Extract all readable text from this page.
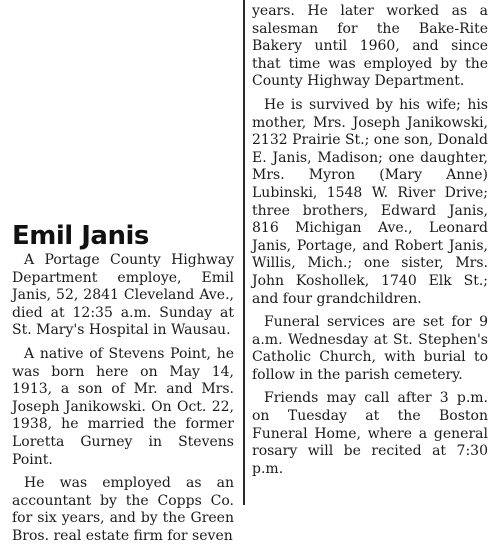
Emil Janis

A Portage County Highway Department employe, Emil Janis, 52, 2841 Cleveland Ave., died at 12:35 a.m. Sunday at St. Mary's Hospital in Wausau.

A native of Stevens Point, he was born here on May 14, 1913, a son of Mr. and Mrs. Joseph Janikowski. On Oct. 22, 1938, he married the former Loretta Gurney in Stevens Point.

He was employed as an accountant by the Copps Co. for six years, and by the Green Bros. real estate firm for seven

years. He later worked as a salesman for the Bake-Rite Bakery until 1960, and since that time was employed by the County Highway Department.

He is survived by his wife; his mother, Mrs. Joseph Janikowski, 2132 Prairie St.; one son, Donald E. Janis, Madison; one daughter, Mrs. Myron (Mary Anne) Lubinski, 1548 W. River Drive; three brothers, Edward Janis, 816 Michigan Ave., Leonard Janis, Portage, and Robert Janis, Willis, Mich.; one sister, Mrs. John Koshollek, 1740 Elk St.; and four grandchildren.

Funeral services are set for 9 a.m. Wednesday at St. Stephen's Catholic Church, with burial to follow in the parish cemetery.

Friends may call after 3 p.m. on Tuesday at the Boston Funeral Home, where a general rosary will be recited at 7:30 p.m.
